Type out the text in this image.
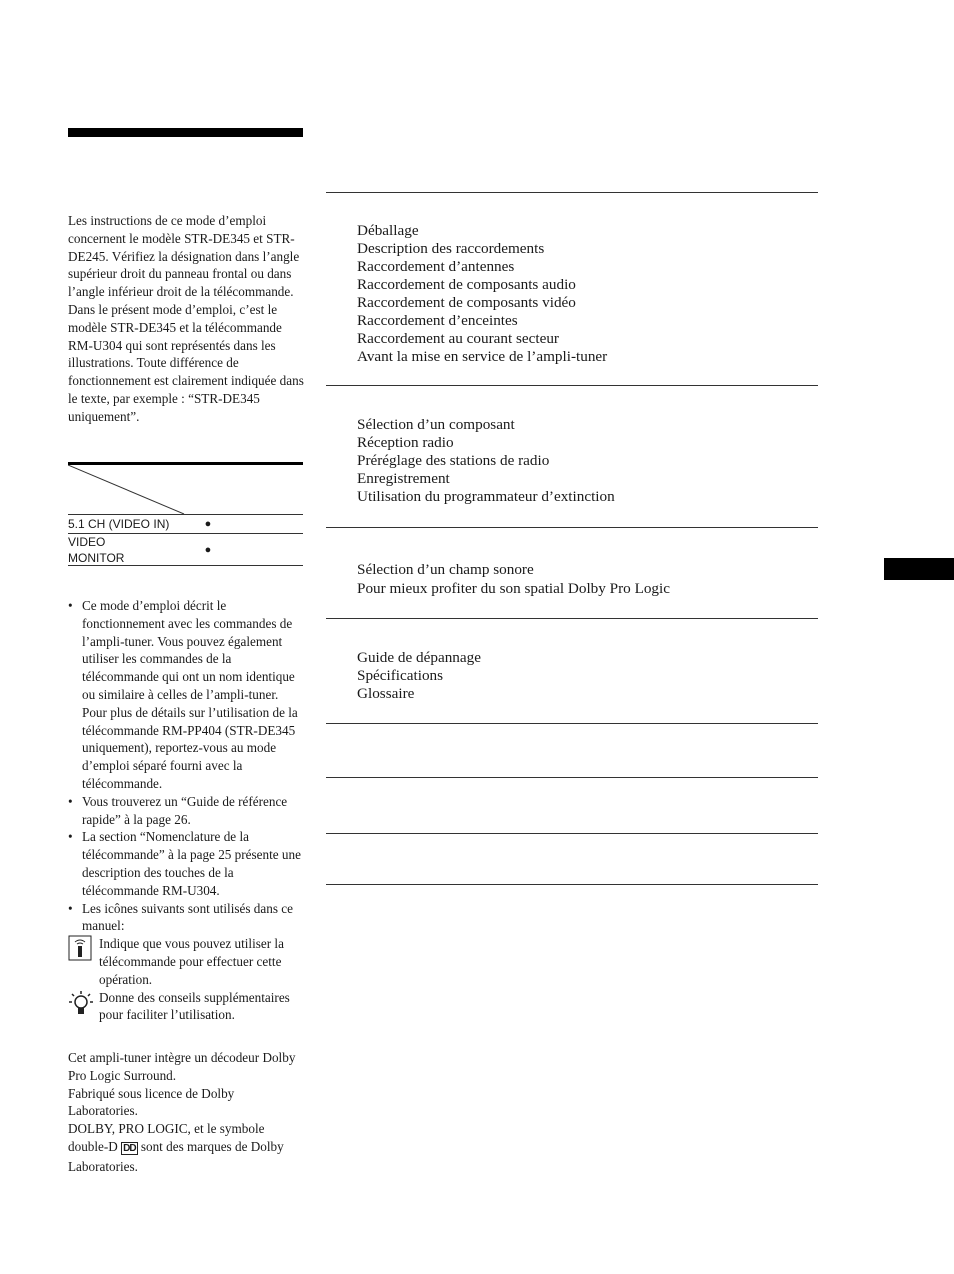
Les instructions de ce mode d’emploi concernent le modèle STR-DE345 et STR-DE245. Vérifiez la désignation dans l’angle supérieur droit du panneau frontal ou dans l’angle inférieur droit de la télécommande. Dans le présent mode d’emploi, c’est le modèle STR-DE345 et la télécommande RM-U304 qui sont représentés dans les illustrations. Toute différence de fonctionnement est clairement indiquée dans le texte, par exemple : “STR-DE345 uniquement”.
5.1 CH (VIDEO IN)	●
VIDEO
MONITOR
●
• Ce mode d’emploi décrit le fonctionnement avec les commandes de l’ampli-tuner. Vous pouvez également utiliser les commandes de la télécommande qui ont un nom identique ou similaire à celles de l’ampli-tuner. Pour plus de détails sur l’utilisation de la télécommande RM-PP404 (STR-DE345 uniquement), reportez-vous au mode d’emploi séparé fourni avec la télécommande.
• Vous trouverez un “Guide de référence rapide” à la page 26.
• La section “Nomenclature de la télécommande” à la page 25 présente une description des touches de la télécommande RM-U304.
• Les icônes suivants sont utilisés dans ce manuel:
Indique que vous pouvez utiliser la télécommande pour effectuer cette opération.
Donne des conseils supplémentaires pour faciliter l’utilisation.
Cet ampli-tuner intègre un décodeur Dolby Pro Logic Surround.
Fabriqué sous licence de Dolby Laboratories.
DOLBY, PRO LOGIC, et le symbole double-D DD sont des marques de Dolby Laboratories.
Déballage
Description des raccordements
Raccordement d’antennes
Raccordement de composants audio
Raccordement de composants vidéo
Raccordement d’enceintes
Raccordement au courant secteur
Avant la mise en service de l’ampli-tuner
Sélection d’un composant
Réception radio
Préréglage des stations de radio
Enregistrement
Utilisation du programmateur d’extinction
Sélection d’un champ sonore
Pour mieux profiter du son spatial Dolby Pro Logic
Guide de dépannage
Spécifications
Glossaire
